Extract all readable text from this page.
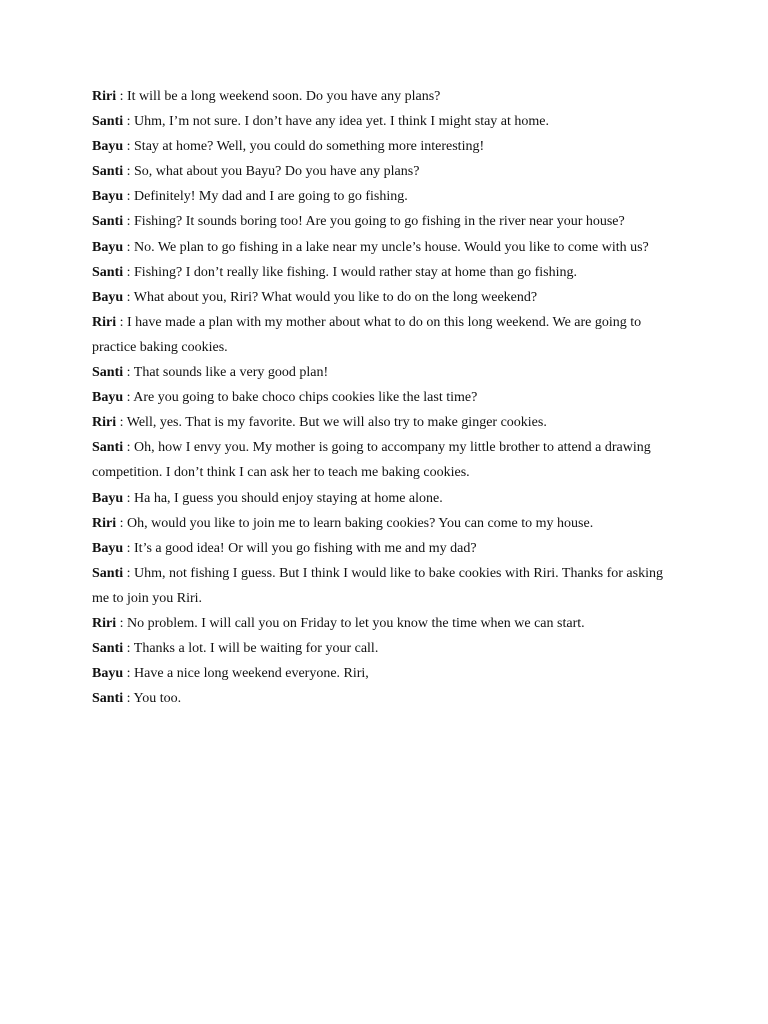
Riri : It will be a long weekend soon. Do you have any plans?

Santi : Uhm, I’m not sure. I don’t have any idea yet. I think I might stay at home.

Bayu : Stay at home? Well, you could do something more interesting!

Santi : So, what about you Bayu? Do you have any plans?

Bayu : Definitely! My dad and I are going to go fishing.

Santi : Fishing? It sounds boring too! Are you going to go fishing in the river near your house?

Bayu : No. We plan to go fishing in a lake near my uncle’s house. Would you like to come with us?

Santi : Fishing? I don’t really like fishing. I would rather stay at home than go fishing.

Bayu : What about you, Riri? What would you like to do on the long weekend?

Riri : I have made a plan with my mother about what to do on this long weekend. We are going to practice baking cookies.

Santi : That sounds like a very good plan!

Bayu : Are you going to bake choco chips cookies like the last time?

Riri : Well, yes. That is my favorite. But we will also try to make ginger cookies.

Santi : Oh, how I envy you. My mother is going to accompany my little brother to attend a drawing competition. I don’t think I can ask her to teach me baking cookies.

Bayu : Ha ha, I guess you should enjoy staying at home alone.

Riri : Oh, would you like to join me to learn baking cookies? You can come to my house.

Bayu : It’s a good idea! Or will you go fishing with me and my dad?

Santi : Uhm, not fishing I guess. But I think I would like to bake cookies with Riri. Thanks for asking me to join you Riri.

Riri : No problem. I will call you on Friday to let you know the time when we can start.

Santi : Thanks a lot. I will be waiting for your call.

Bayu : Have a nice long weekend everyone. Riri,

Santi : You too.
